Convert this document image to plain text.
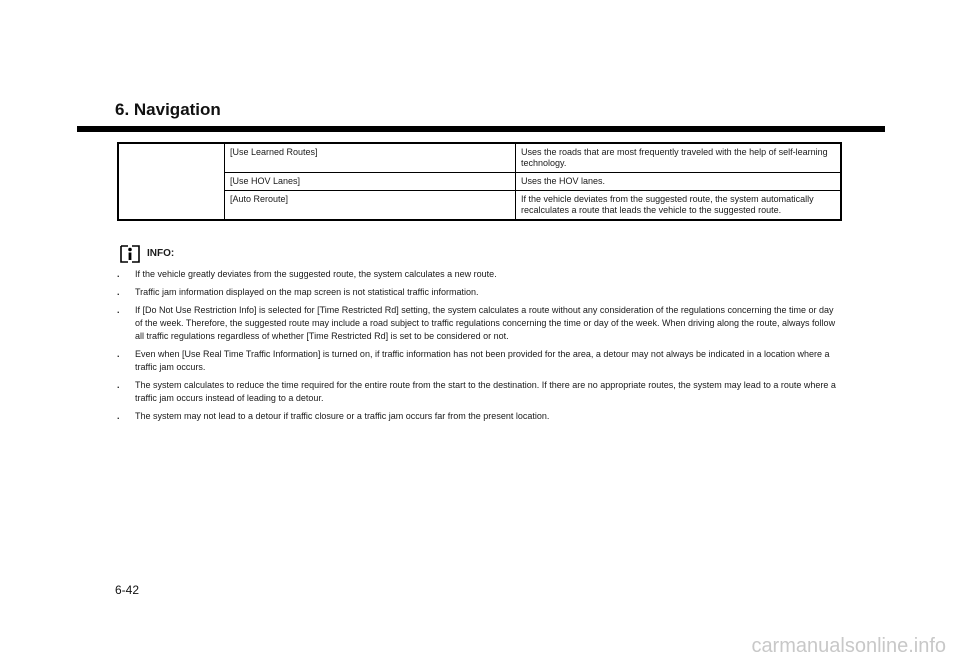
6. Navigation
	[Use Learned Routes]	Uses the roads that are most frequently traveled with the help of self-learning technology.
	[Use HOV Lanes]	Uses the HOV lanes.
	[Auto Reroute]	If the vehicle deviates from the suggested route, the system automatically recalculates a route that leads the vehicle to the suggested route.
INFO:
. If the vehicle greatly deviates from the suggested route, the system calculates a new route.
. Traffic jam information displayed on the map screen is not statistical traffic information.
. If [Do Not Use Restriction Info] is selected for [Time Restricted Rd] setting, the system calculates a route without any consideration of the regulations concerning the time or day of the week. Therefore, the suggested route may include a road subject to traffic regulations concerning the time or day of the week. When driving along the route, always follow all traffic regulations regardless of whether [Time Restricted Rd] is set to be considered or not.
. Even when [Use Real Time Traffic Information] is turned on, if traffic information has not been provided for the area, a detour may not always be indicated in a location where a traffic jam occurs.
. The system calculates to reduce the time required for the entire route from the start to the destination. If there are no appropriate routes, the system may lead to a route where a traffic jam occurs instead of leading to a detour.
. The system may not lead to a detour if traffic closure or a traffic jam occurs far from the present location.
6-42
carmanualsonline.info
